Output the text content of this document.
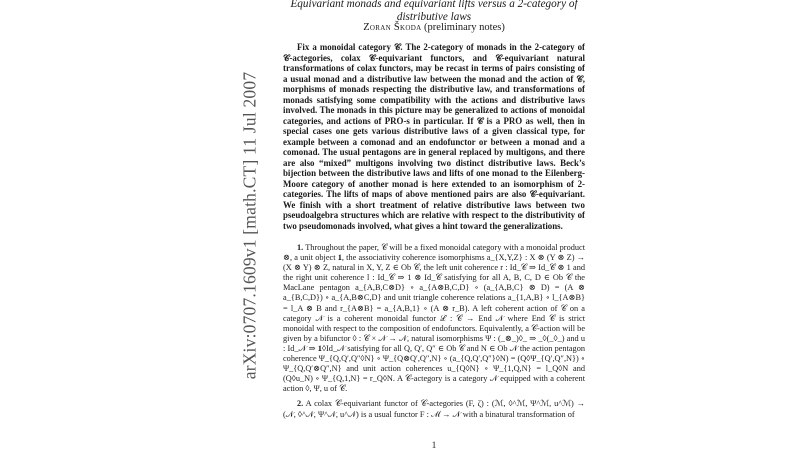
arXiv:0707.1609v1 [math.CT] 11 Jul 2007
Equivariant monads and equivariant lifts versus a 2-category of distributive laws
Zoran Škoda (preliminary notes)
Fix a monoidal category 𝒞. The 2-category of monads in the 2-category of 𝒞-actegories, colax 𝒞-equivariant functors, and 𝒞-equivariant natural transformations of colax functors, may be recast in terms of pairs consisting of a usual monad and a distributive law between the monad and the action of 𝒞, morphisms of monads respecting the distributive law, and transformations of monads satisfying some compatibility with the actions and distributive laws involved. The monads in this picture may be generalized to actions of monoidal categories, and actions of PRO-s in particular. If 𝒞 is a PRO as well, then in special cases one gets various distributive laws of a given classical type, for example between a comonad and an endofunctor or between a monad and a comonad. The usual pentagons are in general replaced by multigons, and there are also “mixed” multigons involving two distinct distributive laws. Beck’s bijection between the distributive laws and lifts of one monad to the Eilenberg-Moore category of another monad is here extended to an isomorphism of 2-categories. The lifts of maps of above mentioned pairs are also 𝒞-equivariant. We finish with a short treatment of relative distributive laws between two pseudoalgebra structures which are relative with respect to the distributivity of two pseudomonads involved, what gives a hint toward the generalizations.

1. Throughout the paper, 𝒞 will be a fixed monoidal category with a monoidal product ⊗, a unit object 𝟏, the associativity coherence isomorphisms a_{X,Y,Z} : X ⊗ (Y ⊗ Z) → (X ⊗ Y) ⊗ Z, natural in X, Y, Z ∈ Ob 𝒞, the left unit coherence r : Id_𝒞 ⇒ Id_𝒞 ⊗ 1 and the right unit coherence l : Id_𝒞 ⇒ 1 ⊗ Id_𝒞 satisfying for all A, B, C, D ∈ Ob 𝒞 the MacLane pentagon a_{A,B,C⊗D} ∘ a_{A⊗B,C,D} ∘ (a_{A,B,C} ⊗ D) = (A ⊗ a_{B,C,D}) ∘ a_{A,B⊗C,D} and unit triangle coherence relations a_{1,A,B} ∘ l_{A⊗B} = l_A ⊗ B and r_{A⊗B} = a_{A,B,1} ∘ (A ⊗ r_B). A left coherent action of 𝒞 on a category 𝒩 is a coherent monoidal functor ℒ : 𝒞 → End 𝒩 where End 𝒞 is strict monoidal with respect to the composition of endofunctors. Equivalently, a 𝒞-action will be given by a bifunctor ◊ : 𝒞 × 𝒩 → 𝒩, natural isomorphisms Ψ : (_⊗_)◊_ ⇒ _◊(_◊_) and u : Id_𝒩 ⇒ 𝟏◊Id_𝒩 satisfying for all Q, Q′, Q″ ∈ Ob 𝒞 and N ∈ Ob 𝒩 the action pentagon coherence Ψ_{Q,Q′,Q″◊N} ∘ Ψ_{Q⊗Q′,Q″,N} ∘ (a_{Q,Q′,Q″}◊N) = (Q◊Ψ_{Q′,Q″,N}) ∘ Ψ_{Q,Q′⊗Q″,N} and unit action coherences u_{Q◊N} ∘ Ψ_{1,Q,N} = l_Q◊N and (Q◊u_N) ∘ Ψ_{Q,1,N} = r_Q◊N. A 𝒞-actegory is a category 𝒩 equipped with a coherent action ◊, Ψ, u of 𝒞.

2. A colax 𝒞-equivariant functor of 𝒞-actegories (F, ζ) : (ℳ, ◊^ℳ, Ψ^ℳ, u^ℳ) → (𝒩, ◊^𝒩, Ψ^𝒩, u^𝒩) is a usual functor F : ℳ → 𝒩 with a binatural transformation of

1
